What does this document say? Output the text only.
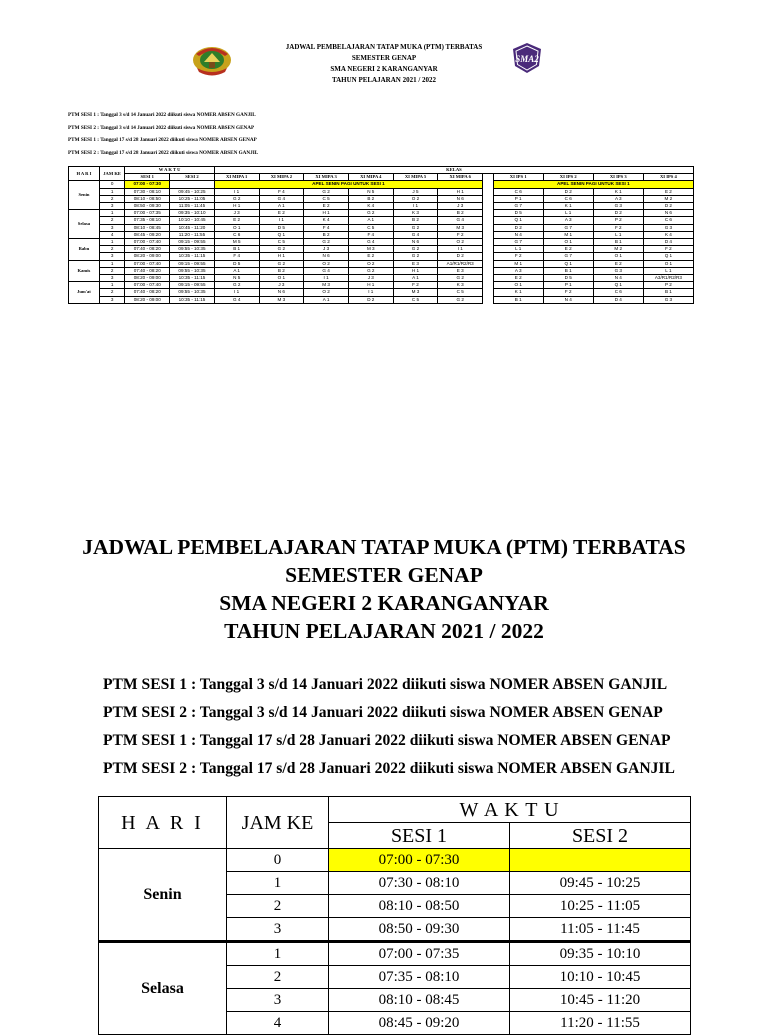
JADWAL PEMBELAJARAN TATAP MUKA (PTM) TERBATAS
SEMESTER GENAP
SMA NEGERI 2 KARANGANYAR
TAHUN PELAJARAN 2021 / 2022
SMA2
PTM SESI 1 : Tanggal 3 s/d 14 Januari 2022 diikuti siswa NOMER ABSEN GANJIL
PTM SESI 2 : Tanggal 3 s/d 14 Januari 2022 diikuti siswa NOMER ABSEN GENAP
PTM SESI 1 : Tanggal 17 s/d 28 Januari 2022 diikuti siswa NOMER ABSEN GENAP
PTM SESI 2 : Tanggal 17 s/d 28 Januari 2022 diikuti siswa NOMER ABSEN GANJIL
H A R I	JAM KE	W A K T U		KELAS										
		SESI 1	SESI 2	XI MIPA 1	XI MIPA 2	XI MIPA 3	XI MIPA 4	XI MIPA 5	XI MIPA 6		XI IPS 1	XI IPS 2	XI IPS 3	XI IPS 4
Senin	0	07:00 - 07:30		APEL SENIN PAGI UNTUK SESI 1							APEL SENIN PAGI UNTUK SESI 1			
	1	07:30 - 08:10	09:45 - 10:25	I 1	F 4	G 2	N 5	J 5	H 1		C 6	D 2	K 1	E 2
	2	08:10 - 08:50	10:25 - 11:05	G 2	G 4	C 5	B 2	O 2	N 6		P 1	C 6	A 3	M 2
	3	08:50 - 09:30	11:05 - 11:45	H 1	A 1	E 2	K 4	I 1	J 3		G 7	K 1	G 3	D 2
Selasa	1	07:00 - 07:35	09:35 - 10:10	J 3	E 2	H 1	G 2	K 3	B 2		D 5	L 1	D 2	N 6
	2	07:35 - 08:10	10:10 - 10:45	E 2	I 1	K 4	A 1	B 2	G 4		Q 1	A 3	P 2	C 6
	3	08:10 - 08:45	10:45 - 11:20	O 1	D 5	F 4	C 5	G 2	M 3		D 2	G 7	F 2	G 3
	4	08:45 - 09:20	11:20 - 11:55	C 6	Q 1	B 2	F 4	G 4	F 2		N 4	M 1	L 1	K 4
Rabu	1	07:00 - 07:40	09:15 - 09:55	M 5	C 5	G 2	G 4	N 6	O 2		G 7	O 1	B 1	D 4
	2	07:40 - 08:20	09:55 - 10:35	B 1	G 2	J 3	M 3	G 2	I 1		L 1	E 2	M 2	F 2
	3	08:20 - 09:00	10:35 - 11:15	F 4	H 1	N 6	E 2	G 2	D 2		F 2	G 7	O 1	Q 1
Kamis	1	07:00 - 07:40	09:15 - 09:55	D 5	G 2	O 2	O 2	E 3	A1/R1/R2/R3		M 1	Q 1	E 2	O 1
	2	07:40 - 08:20	09:55 - 10:35	A 1	B 2	G 4	G 2	H 1	E 3		A 3	B 1	G 3	L 1
	3	08:20 - 09:00	10:35 - 11:15	N 5	O 1	I 1	J 3	A 1	G 2		E 2	D 5	N 4	A3/R1/R2/R3
Jum'at	1	07:00 - 07:40	09:15 - 09:55	G 2	J 3	M 3	H 1	F 2	K 3		O 1	P 1	Q 1	P 2
	2	07:40 - 08:20	09:55 - 10:35	I 1	N 6	O 2	I 1	M 3	C 5		K 1	F 2	C 6	B 1
	3	08:20 - 09:00	10:35 - 11:15	G 4	M 3	A 1	D 2	C 5	G 2		B 1	N 4	D 4	G 3
JADWAL PEMBELAJARAN TATAP MUKA (PTM) TERBATAS
SEMESTER GENAP
SMA NEGERI 2 KARANGANYAR
TAHUN PELAJARAN 2021 / 2022
PTM SESI 1 : Tanggal 3 s/d 14 Januari 2022 diikuti siswa NOMER ABSEN GANJIL
PTM SESI 2 : Tanggal 3 s/d 14 Januari 2022 diikuti siswa NOMER ABSEN GENAP
PTM SESI 1 : Tanggal 17 s/d 28 Januari 2022 diikuti siswa NOMER ABSEN GENAP
PTM SESI 2 : Tanggal 17 s/d 28 Januari 2022 diikuti siswa NOMER ABSEN GANJIL
H A R I	JAM KE	W A K T U	
		SESI 1	SESI 2
Senin	0	07:00 - 07:30	
	1	07:30 - 08:10	09:45 - 10:25
	2	08:10 - 08:50	10:25 - 11:05
	3	08:50 - 09:30	11:05 - 11:45
Selasa	1	07:00 - 07:35	09:35 - 10:10
	2	07:35 - 08:10	10:10 - 10:45
	3	08:10 - 08:45	10:45 - 11:20
	4	08:45 - 09:20	11:20 - 11:55
